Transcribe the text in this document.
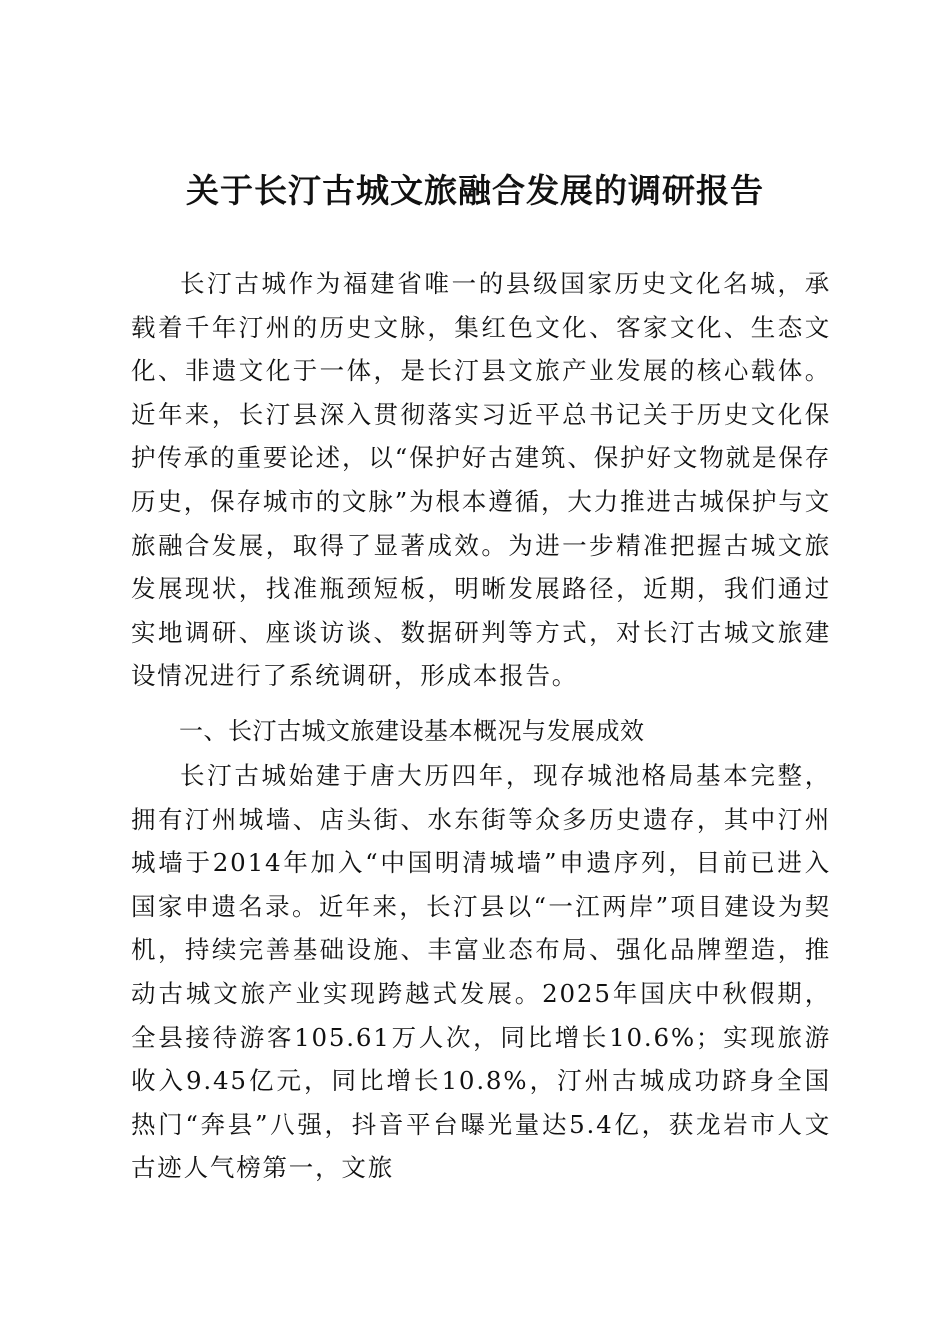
关于长汀古城文旅融合发展的调研报告

长汀古城作为福建省唯一的县级国家历史文化名城，承载着千年汀州的历史文脉，集红色文化、客家文化、生态文化、非遗文化于一体，是长汀县文旅产业发展的核心载体。近年来，长汀县深入贯彻落实习近平总书记关于历史文化保护传承的重要论述，以“保护好古建筑、保护好文物就是保存历史，保存城市的文脉”为根本遵循，大力推进古城保护与文旅融合发展，取得了显著成效。为进一步精准把握古城文旅发展现状，找准瓶颈短板，明晰发展路径，近期，我们通过实地调研、座谈访谈、数据研判等方式，对长汀古城文旅建设情况进行了系统调研，形成本报告。

一、长汀古城文旅建设基本概况与发展成效

长汀古城始建于唐大历四年，现存城池格局基本完整，拥有汀州城墙、店头街、水东街等众多历史遗存，其中汀州城墙于2014年加入“中国明清城墙”申遗序列，目前已进入国家申遗名录。近年来，长汀县以“一江两岸”项目建设为契机，持续完善基础设施、丰富业态布局、强化品牌塑造，推动古城文旅产业实现跨越式发展。2025年国庆中秋假期，全县接待游客105.61万人次，同比增长10.6%；实现旅游收入9.45亿元，同比增长10.8%，汀州古城成功跻身全国热门“奔县”八强，抖音平台曝光量达5.4亿，获龙岩市人文古迹人气榜第一，文旅
